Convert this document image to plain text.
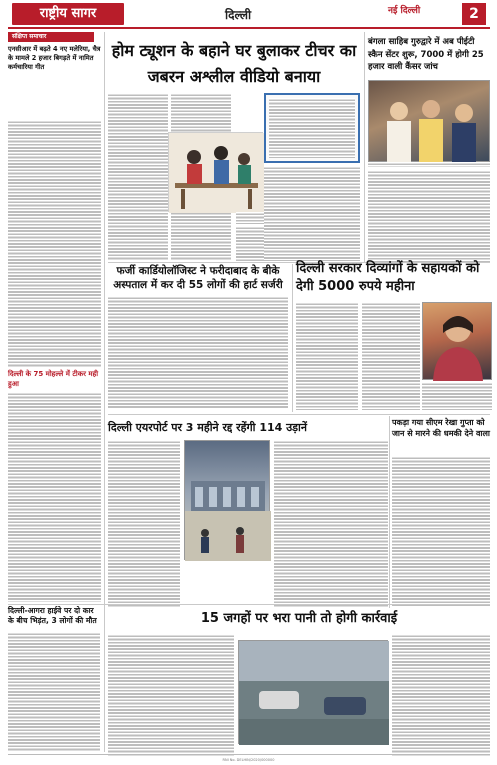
राष्ट्रीय सागर	दिल्ली	नई दिल्ली	2
संक्षिप्त समाचार
एनसीआर में बढ़ते 4 नए मलेरिया, चैत्र के मामले 2 हजार बिगड़ते में नामित कर्मचारिया गीत
दिल्ली के 75 मोहल्ले में टीकर मही हुआ
होम ट्यूशन के बहाने घर बुलाकर टीचर का जबरन अश्लील वीडियो बनाया
बंगला साहिब गुरुद्वारे में अब पीईटी स्कैन सेंटर शुरू, 7000 में होगी 25 हजार वाली कैंसर जांच
फर्जी कार्डियोलॉजिस्ट ने फरीदाबाद के बीके अस्पताल में कर दी 55 लोगों की हार्ट सर्जरी
दिल्ली सरकार दिव्यांगों के सहायकों को देगी 5000 रुपये महीना
दिल्ली एयरपोर्ट पर 3 महीने रद्द रहेंगी 114 उड़ानें	पकड़ा गया सीएम रेखा गुप्ता को जान से मारने की धमकी देने वाला
दिल्ली-आगरा हाईवे पर दो कार के बीच भिड़ंत, 3 लोगों की मौत	15 जगहों पर भरा पानी तो होगी कार्रवाई
RNI No. DELHIN/2020/000000
